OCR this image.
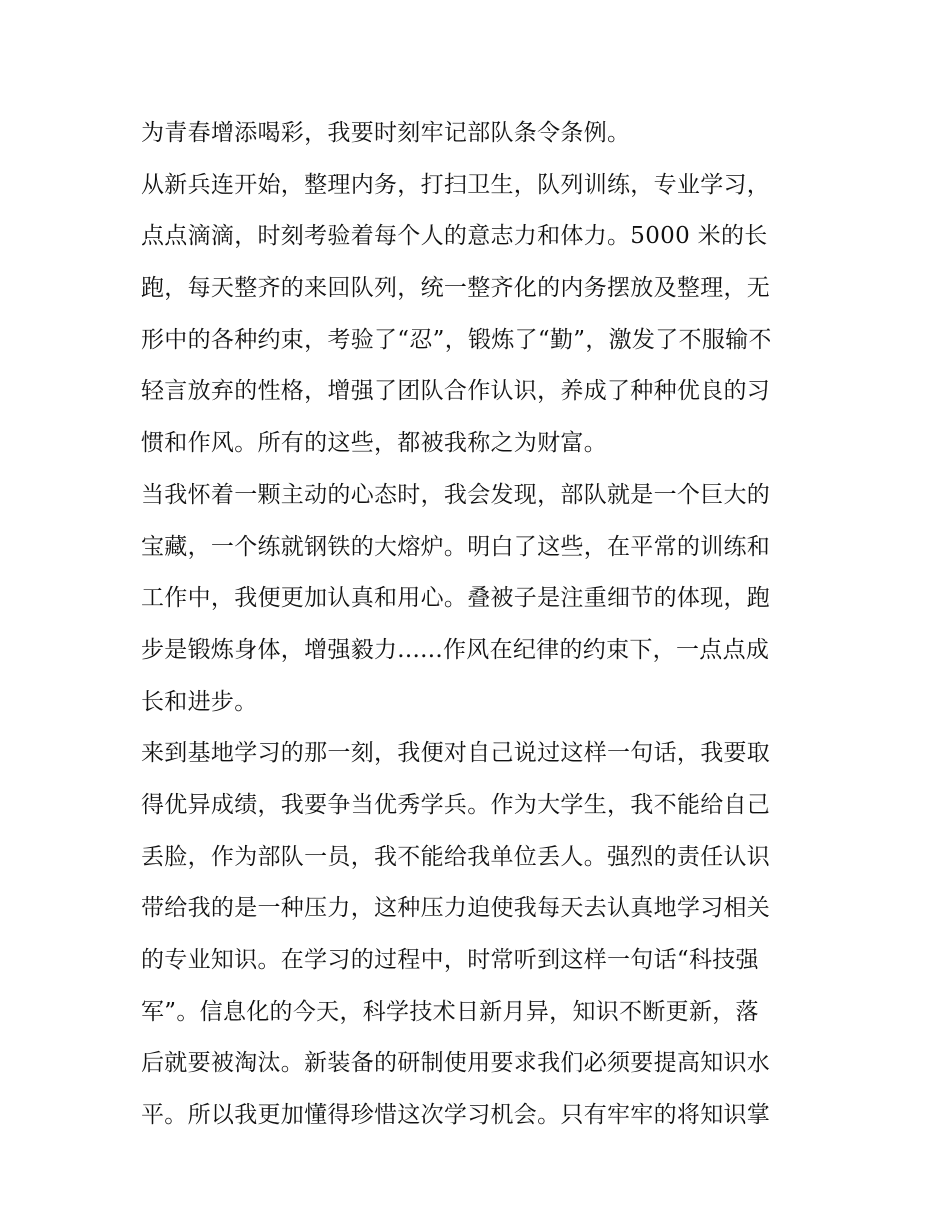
为青春增添喝彩，我要时刻牢记部队条令条例。
从新兵连开始，整理内务，打扫卫生，队列训练，专业学习，
点点滴滴，时刻考验着每个人的意志力和体力。5000 米的长
跑，每天整齐的来回队列，统一整齐化的内务摆放及整理，无
形中的各种约束，考验了“忍”，锻炼了“勤”，激发了不服输不
轻言放弃的性格，增强了团队合作认识，养成了种种优良的习
惯和作风。所有的这些，都被我称之为财富。
当我怀着一颗主动的心态时，我会发现，部队就是一个巨大的
宝藏，一个练就钢铁的大熔炉。明白了这些，在平常的训练和
工作中，我便更加认真和用心。叠被子是注重细节的体现，跑
步是锻炼身体，增强毅力......作风在纪律的约束下，一点点成
长和进步。
来到基地学习的那一刻，我便对自己说过这样一句话，我要取
得优异成绩，我要争当优秀学兵。作为大学生，我不能给自己
丢脸，作为部队一员，我不能给我单位丢人。强烈的责任认识
带给我的是一种压力，这种压力迫使我每天去认真地学习相关
的专业知识。在学习的过程中，时常听到这样一句话“科技强
军”。信息化的今天，科学技术日新月异，知识不断更新，落
后就要被淘汰。新装备的研制使用要求我们必须要提高知识水
平。所以我更加懂得珍惜这次学习机会。只有牢牢的将知识掌
